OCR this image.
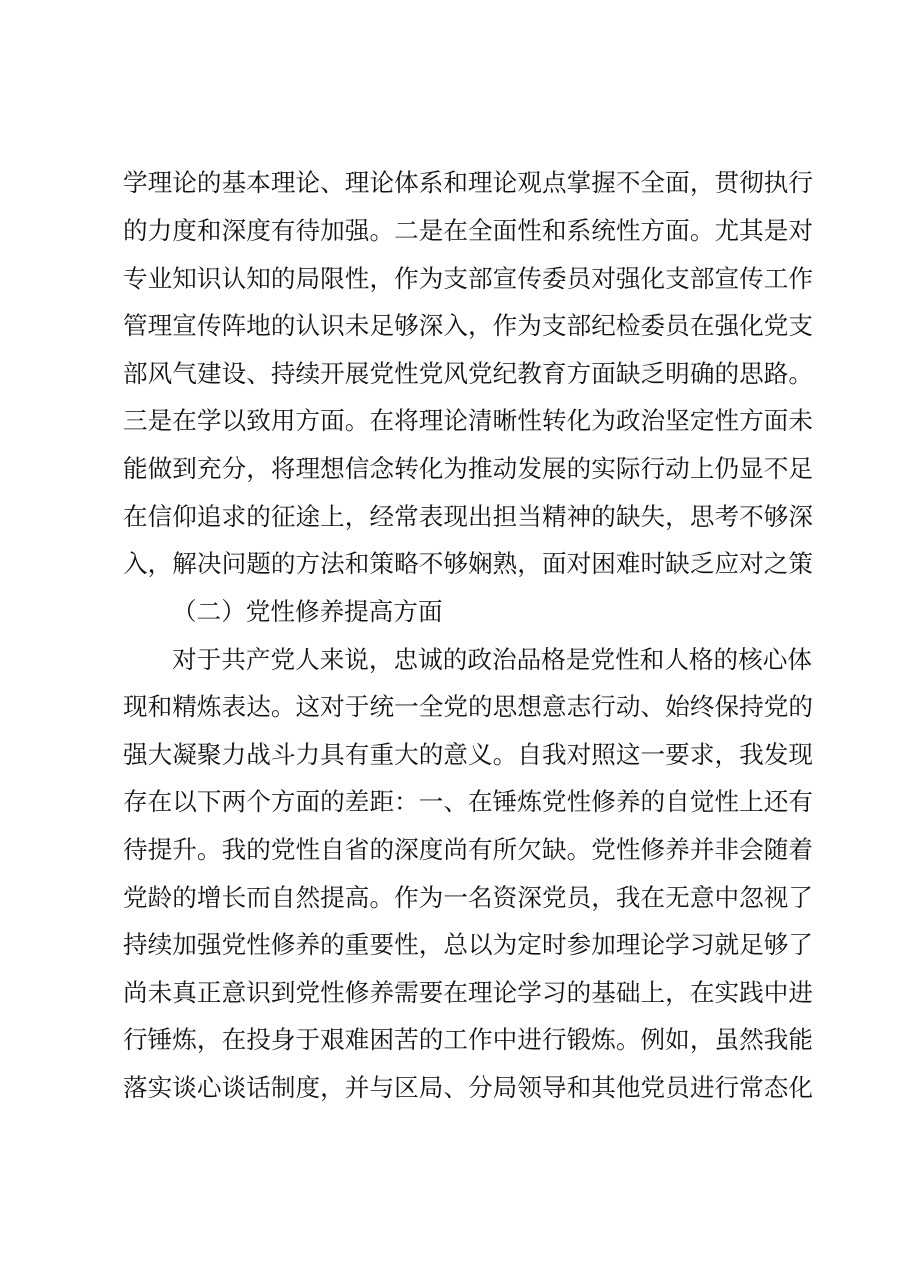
学理论的基本理论、理论体系和理论观点掌握不全面，贯彻执行
的力度和深度有待加强。二是在全面性和系统性方面。尤其是对
专业知识认知的局限性，作为支部宣传委员对强化支部宣传工作
管理宣传阵地的认识未足够深入，作为支部纪检委员在强化党支
部风气建设、持续开展党性党风党纪教育方面缺乏明确的思路。
三是在学以致用方面。在将理论清晰性转化为政治坚定性方面未
能做到充分，将理想信念转化为推动发展的实际行动上仍显不足
在信仰追求的征途上，经常表现出担当精神的缺失，思考不够深
入，解决问题的方法和策略不够娴熟，面对困难时缺乏应对之策
（二）党性修养提高方面
对于共产党人来说，忠诚的政治品格是党性和人格的核心体
现和精炼表达。这对于统一全党的思想意志行动、始终保持党的
强大凝聚力战斗力具有重大的意义。自我对照这一要求，我发现
存在以下两个方面的差距：一、在锤炼党性修养的自觉性上还有
待提升。我的党性自省的深度尚有所欠缺。党性修养并非会随着
党龄的增长而自然提高。作为一名资深党员，我在无意中忽视了
持续加强党性修养的重要性，总以为定时参加理论学习就足够了
尚未真正意识到党性修养需要在理论学习的基础上，在实践中进
行锤炼，在投身于艰难困苦的工作中进行锻炼。例如，虽然我能
落实谈心谈话制度，并与区局、分局领导和其他党员进行常态化
